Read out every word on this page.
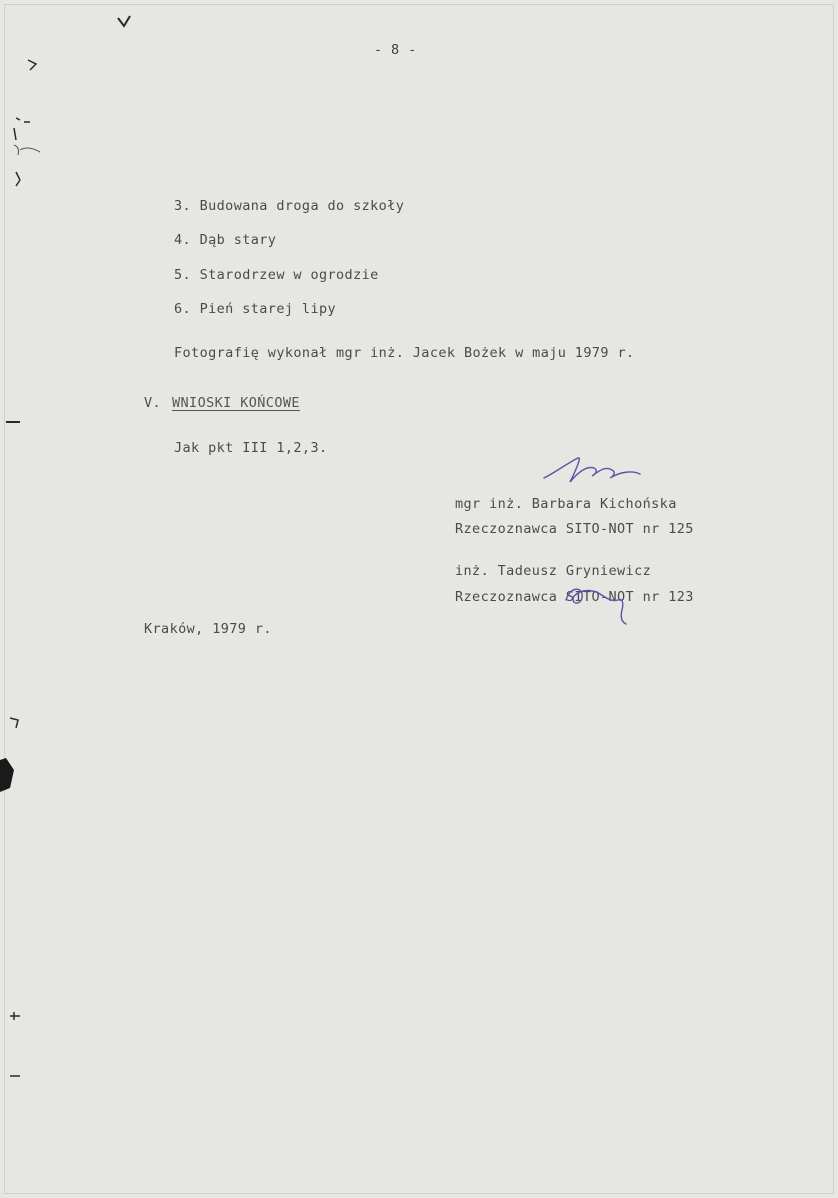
- 8 -
3. Budowana droga do szkoły
4. Dąb stary
5. Starodrzew w ogrodzie
6. Pień starej lipy
Fotografię wykonał mgr inż. Jacek Bożek w maju 1979 r.
V. WNIOSKI KOŃCOWE
Jak pkt III 1,2,3.
mgr inż. Barbara Kichońska
Rzeczoznawca SITO-NOT nr 125
inż. Tadeusz Gryniewicz
Rzeczoznawca SITO-NOT nr 123
Kraków, 1979 r.
